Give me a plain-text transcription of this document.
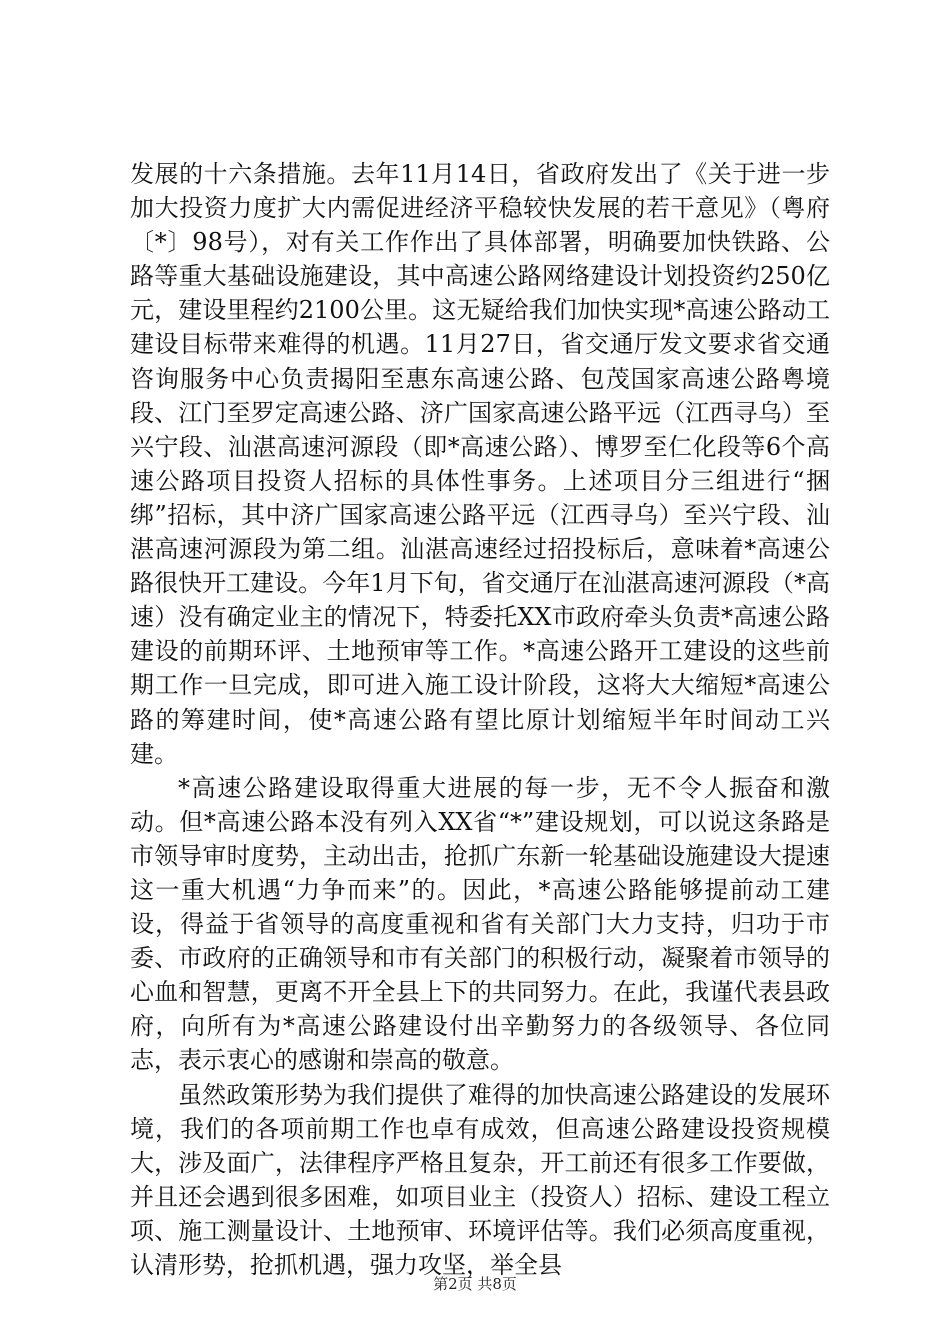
发展的十六条措施。去年11月14日，省政府发出了《关于进一步加大投资力度扩大内需促进经济平稳较快发展的若干意见》（粤府〔*〕98号），对有关工作作出了具体部署，明确要加快铁路、公路等重大基础设施建设，其中高速公路网络建设计划投资约250亿元，建设里程约2100公里。这无疑给我们加快实现*高速公路动工建设目标带来难得的机遇。11月27日，省交通厅发文要求省交通咨询服务中心负责揭阳至惠东高速公路、包茂国家高速公路粤境段、江门至罗定高速公路、济广国家高速公路平远（江西寻乌）至兴宁段、汕湛高速河源段（即*高速公路）、博罗至仁化段等6个高速公路项目投资人招标的具体性事务。上述项目分三组进行“捆绑”招标，其中济广国家高速公路平远（江西寻乌）至兴宁段、汕湛高速河源段为第二组。汕湛高速经过招投标后，意味着*高速公路很快开工建设。今年1月下旬，省交通厅在汕湛高速河源段（*高速）没有确定业主的情况下，特委托XX市政府牵头负责*高速公路建设的前期环评、土地预审等工作。*高速公路开工建设的这些前期工作一旦完成，即可进入施工设计阶段，这将大大缩短*高速公路的筹建时间，使*高速公路有望比原计划缩短半年时间动工兴建。

*高速公路建设取得重大进展的每一步，无不令人振奋和激动。但*高速公路本没有列入XX省“*”建设规划，可以说这条路是市领导审时度势，主动出击，抢抓广东新一轮基础设施建设大提速这一重大机遇“力争而来”的。因此，*高速公路能够提前动工建设，得益于省领导的高度重视和省有关部门大力支持，归功于市委、市政府的正确领导和市有关部门的积极行动，凝聚着市领导的心血和智慧，更离不开全县上下的共同努力。在此，我谨代表县政府，向所有为*高速公路建设付出辛勤努力的各级领导、各位同志，表示衷心的感谢和崇高的敬意。

虽然政策形势为我们提供了难得的加快高速公路建设的发展环境，我们的各项前期工作也卓有成效，但高速公路建设投资规模大，涉及面广，法律程序严格且复杂，开工前还有很多工作要做，并且还会遇到很多困难，如项目业主（投资人）招标、建设工程立项、施工测量设计、土地预审、环境评估等。我们必须高度重视，认清形势，抢抓机遇，强力攻坚，举全县

第2页 共8页
